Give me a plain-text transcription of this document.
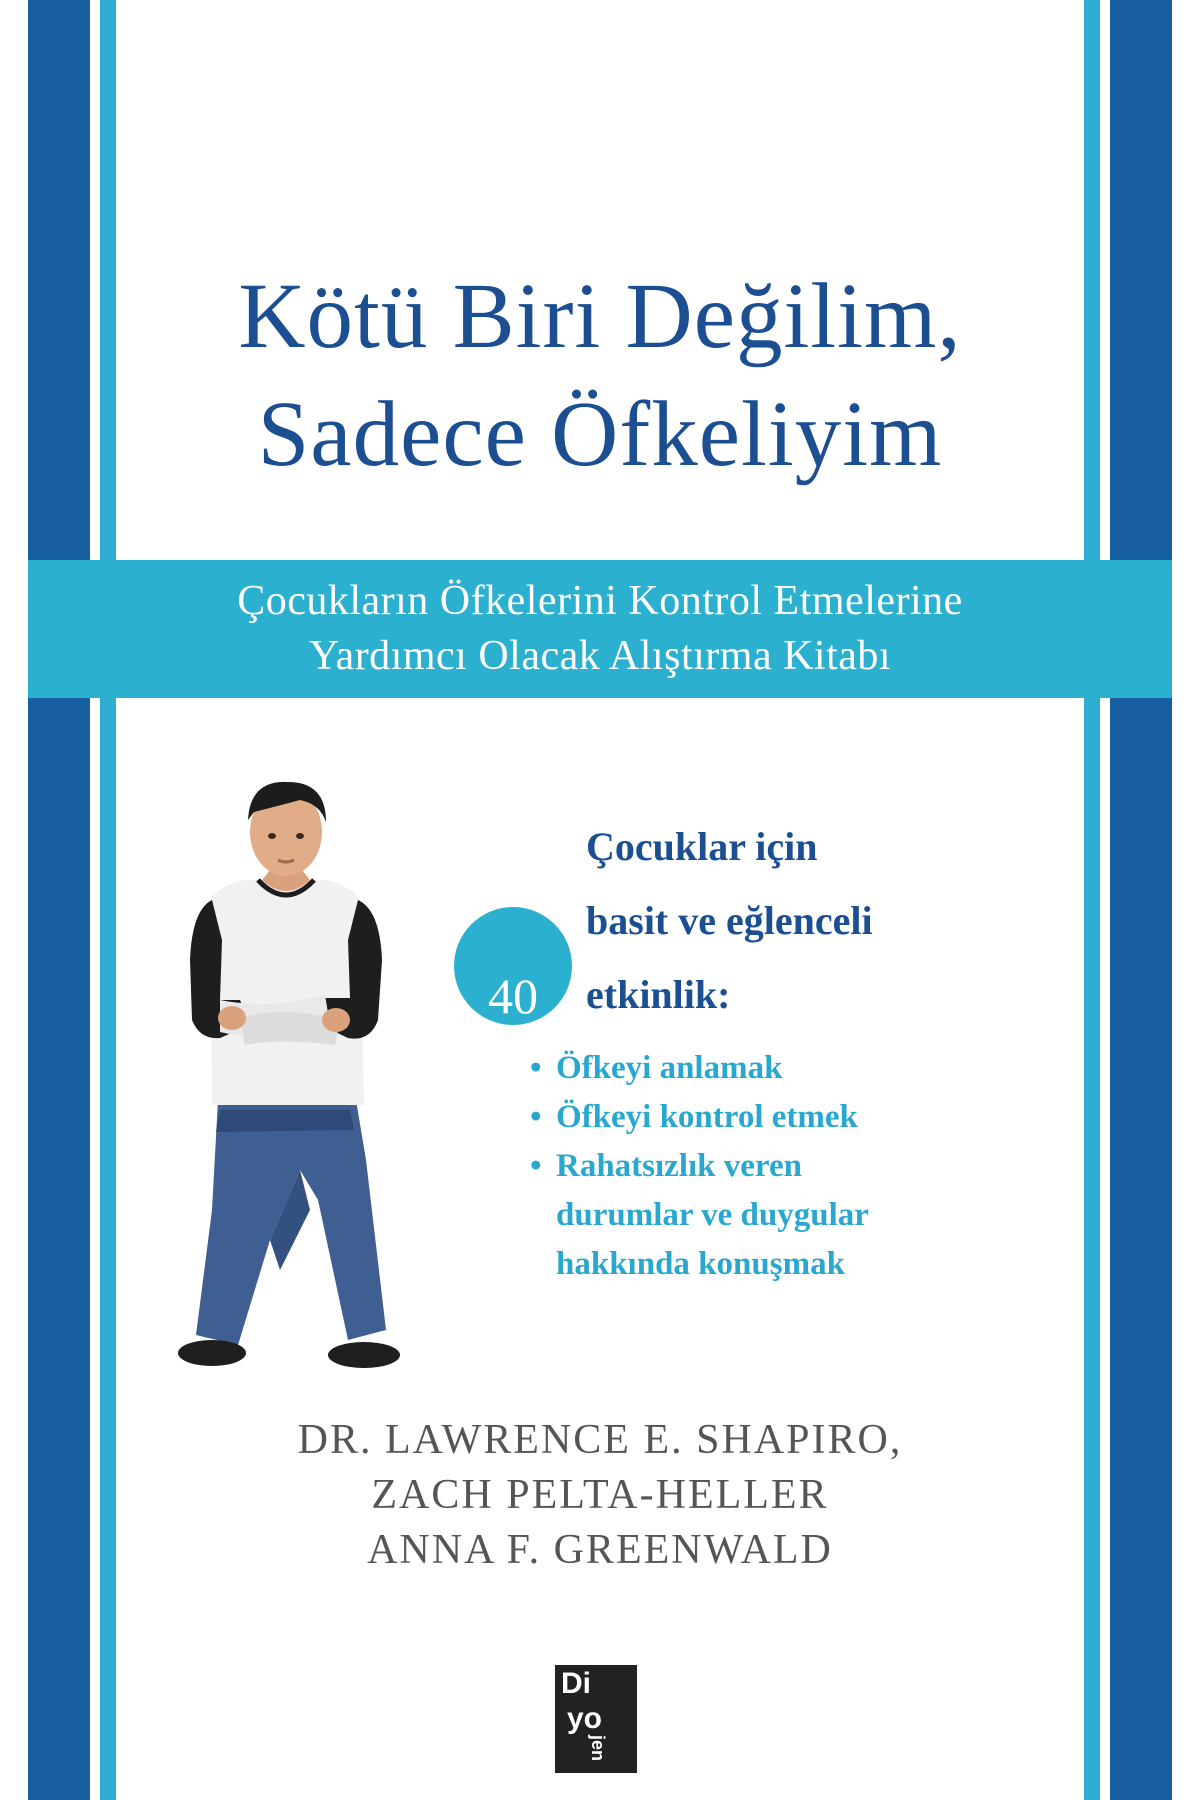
Kötü Biri Değilim,
Sadece Öfkeliyim
Çocukların Öfkelerini Kontrol Etmelerine
Yardımcı Olacak Alıştırma Kitabı
40
Çocuklar için
basit ve eğlenceli
etkinlik:
• Öfkeyi anlamak
• Öfkeyi kontrol etmek
• Rahatsızlık veren
durumlar ve duygular
hakkında konuşmak
DR. LAWRENCE E. SHAPIRO,
ZACH PELTA-HELLER
ANNA F. GREENWALD
Di
yo
jen
